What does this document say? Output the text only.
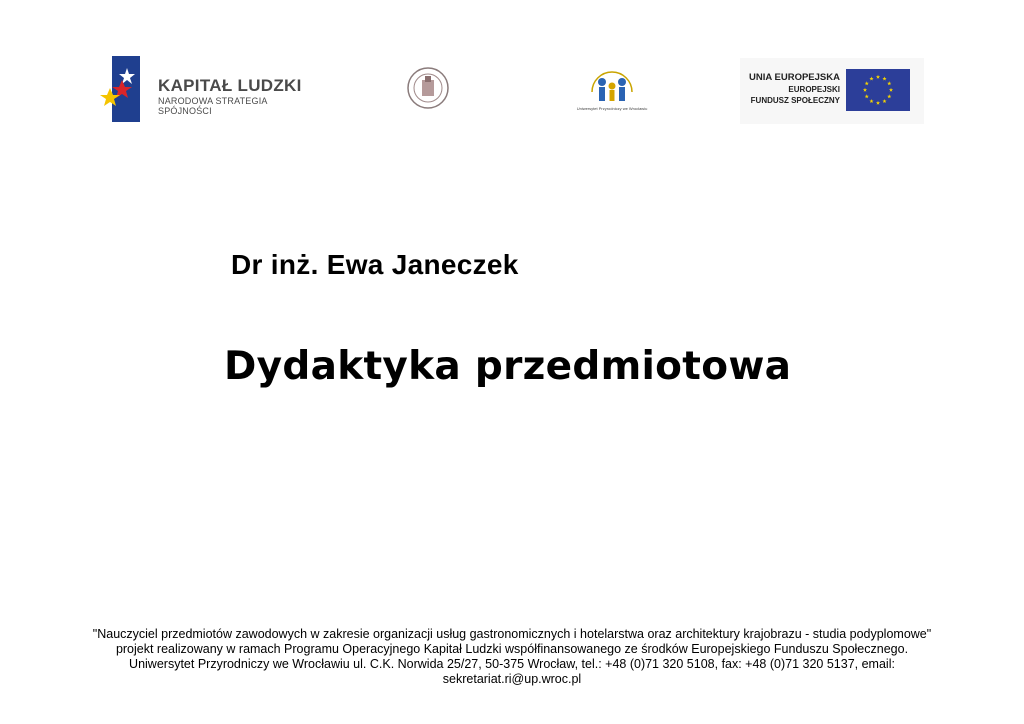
KAPITAŁ LUDZKI
NARODOWA STRATEGIA SPÓJNOŚCI	Uniwersytet Przyrodniczy we Wrocławiu
UNIA EUROPEJSKA
EUROPEJSKI
FUNDUSZ SPOŁECZNY
Dr inż. Ewa Janeczek
Dydaktyka przedmiotowa
"Nauczyciel przedmiotów zawodowych w zakresie organizacji usług gastronomicznych i hotelarstwa oraz architektury krajobrazu - studia podyplomowe"
projekt realizowany w ramach Programu Operacyjnego Kapitał Ludzki współfinansowanego ze środków Europejskiego Funduszu Społecznego.
Uniwersytet Przyrodniczy we Wrocławiu ul. C.K. Norwida 25/27, 50-375 Wrocław, tel.: +48 (0)71 320 5108, fax: +48 (0)71 320 5137, email:
sekretariat.ri@up.wroc.pl
